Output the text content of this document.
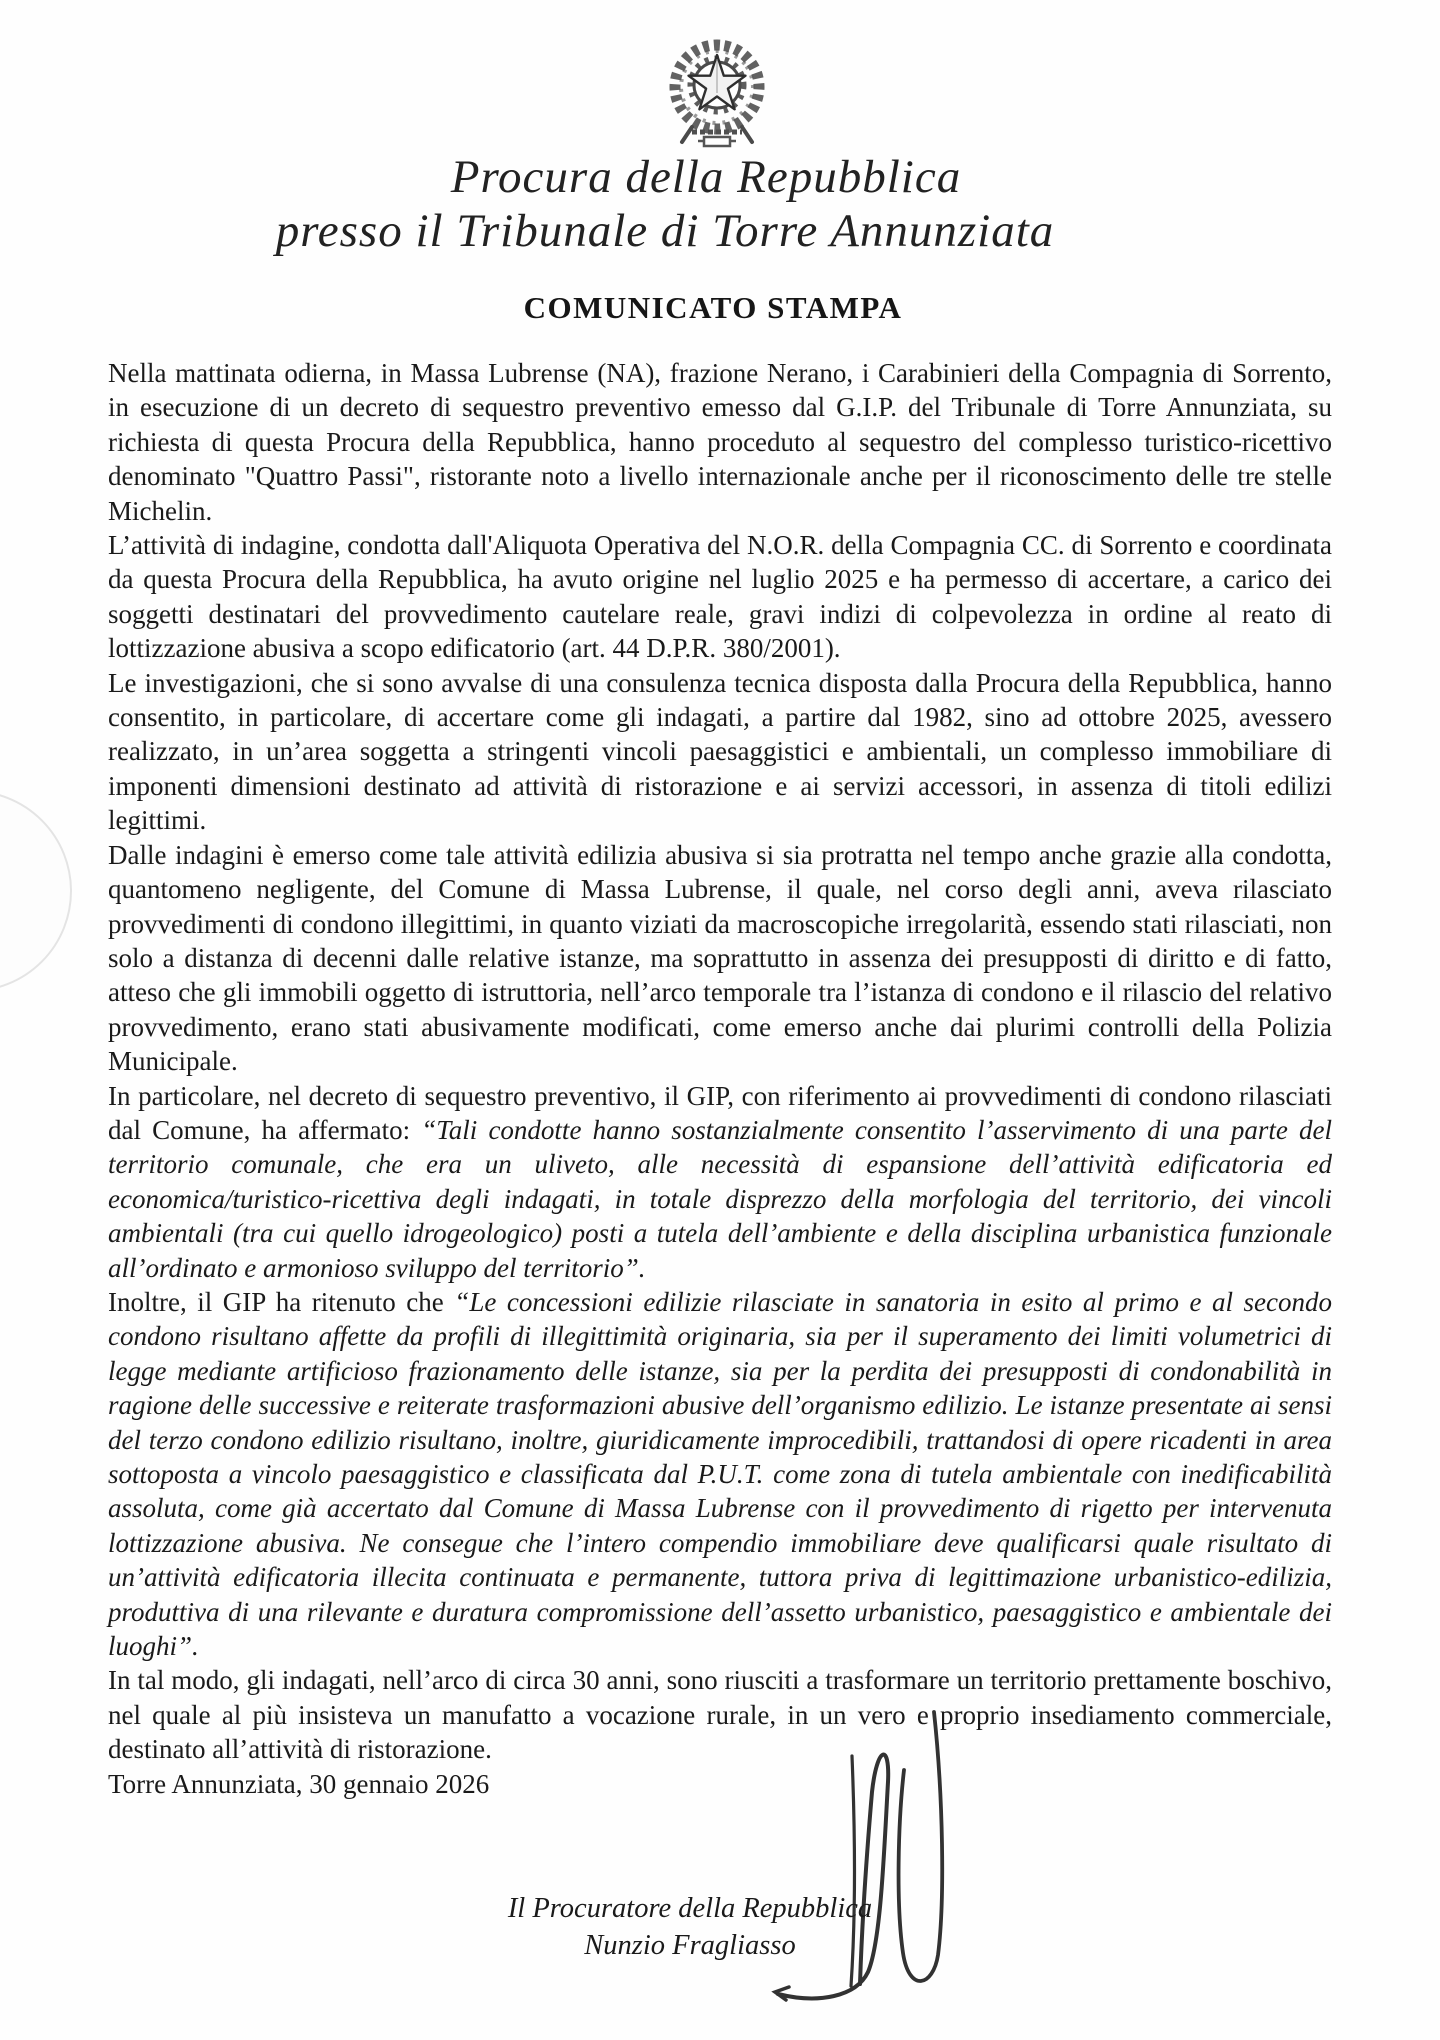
Procura della Repubblica
presso il Tribunale di Torre Annunziata
COMUNICATO STAMPA

Nella mattinata odierna, in Massa Lubrense (NA), frazione Nerano, i Carabinieri della Compagnia di Sorrento, in esecuzione di un decreto di sequestro preventivo emesso dal G.I.P. del Tribunale di Torre Annunziata, su richiesta di questa Procura della Repubblica, hanno proceduto al sequestro del complesso turistico-ricettivo denominato "Quattro Passi", ristorante noto a livello internazionale anche per il riconoscimento delle tre stelle Michelin.

L’attività di indagine, condotta dall'Aliquota Operativa del N.O.R. della Compagnia CC. di Sorrento e coordinata da questa Procura della Repubblica, ha avuto origine nel luglio 2025 e ha permesso di accertare, a carico dei soggetti destinatari del provvedimento cautelare reale, gravi indizi di colpevolezza in ordine al reato di lottizzazione abusiva a scopo edificatorio (art. 44 D.P.R. 380/2001).

Le investigazioni, che si sono avvalse di una consulenza tecnica disposta dalla Procura della Repubblica, hanno consentito, in particolare, di accertare come gli indagati, a partire dal 1982, sino ad ottobre 2025, avessero realizzato, in un’area soggetta a stringenti vincoli paesaggistici e ambientali, un complesso immobiliare di imponenti dimensioni destinato ad attività di ristorazione e ai servizi accessori, in assenza di titoli edilizi legittimi.

Dalle indagini è emerso come tale attività edilizia abusiva si sia protratta nel tempo anche grazie alla condotta, quantomeno negligente, del Comune di Massa Lubrense, il quale, nel corso degli anni, aveva rilasciato provvedimenti di condono illegittimi, in quanto viziati da macroscopiche irregolarità, essendo stati rilasciati, non solo a distanza di decenni dalle relative istanze, ma soprattutto in assenza dei presupposti di diritto e di fatto, atteso che gli immobili oggetto di istruttoria, nell’arco temporale tra l’istanza di condono e il rilascio del relativo provvedimento, erano stati abusivamente modificati, come emerso anche dai plurimi controlli della Polizia Municipale.

In particolare, nel decreto di sequestro preventivo, il GIP, con riferimento ai provvedimenti di condono rilasciati dal Comune, ha affermato: “Tali condotte hanno sostanzialmente consentito l’asservimento di una parte del territorio comunale, che era un uliveto, alle necessità di espansione dell’attività edificatoria ed economica/turistico-ricettiva degli indagati, in totale disprezzo della morfologia del territorio, dei vincoli ambientali (tra cui quello idrogeologico) posti a tutela dell’ambiente e della disciplina urbanistica funzionale all’ordinato e armonioso sviluppo del territorio”.

Inoltre, il GIP ha ritenuto che “Le concessioni edilizie rilasciate in sanatoria in esito al primo e al secondo condono risultano affette da profili di illegittimità originaria, sia per il superamento dei limiti volumetrici di legge mediante artificioso frazionamento delle istanze, sia per la perdita dei presupposti di condonabilità in ragione delle successive e reiterate trasformazioni abusive dell’organismo edilizio. Le istanze presentate ai sensi del terzo condono edilizio risultano, inoltre, giuridicamente improcedibili, trattandosi di opere ricadenti in area sottoposta a vincolo paesaggistico e classificata dal P.U.T. come zona di tutela ambientale con inedificabilità assoluta, come già accertato dal Comune di Massa Lubrense con il provvedimento di rigetto per intervenuta lottizzazione abusiva. Ne consegue che l’intero compendio immobiliare deve qualificarsi quale risultato di un’attività edificatoria illecita continuata e permanente, tuttora priva di legittimazione urbanistico-edilizia, produttiva di una rilevante e duratura compromissione dell’assetto urbanistico, paesaggistico e ambientale dei luoghi”.

In tal modo, gli indagati, nell’arco di circa 30 anni, sono riusciti a trasformare un territorio prettamente boschivo, nel quale al più insisteva un manufatto a vocazione rurale, in un vero e proprio insediamento commerciale, destinato all’attività di ristorazione.

Torre Annunziata, 30 gennaio 2026

Il Procuratore della Repubblica
Nunzio Fragliasso
